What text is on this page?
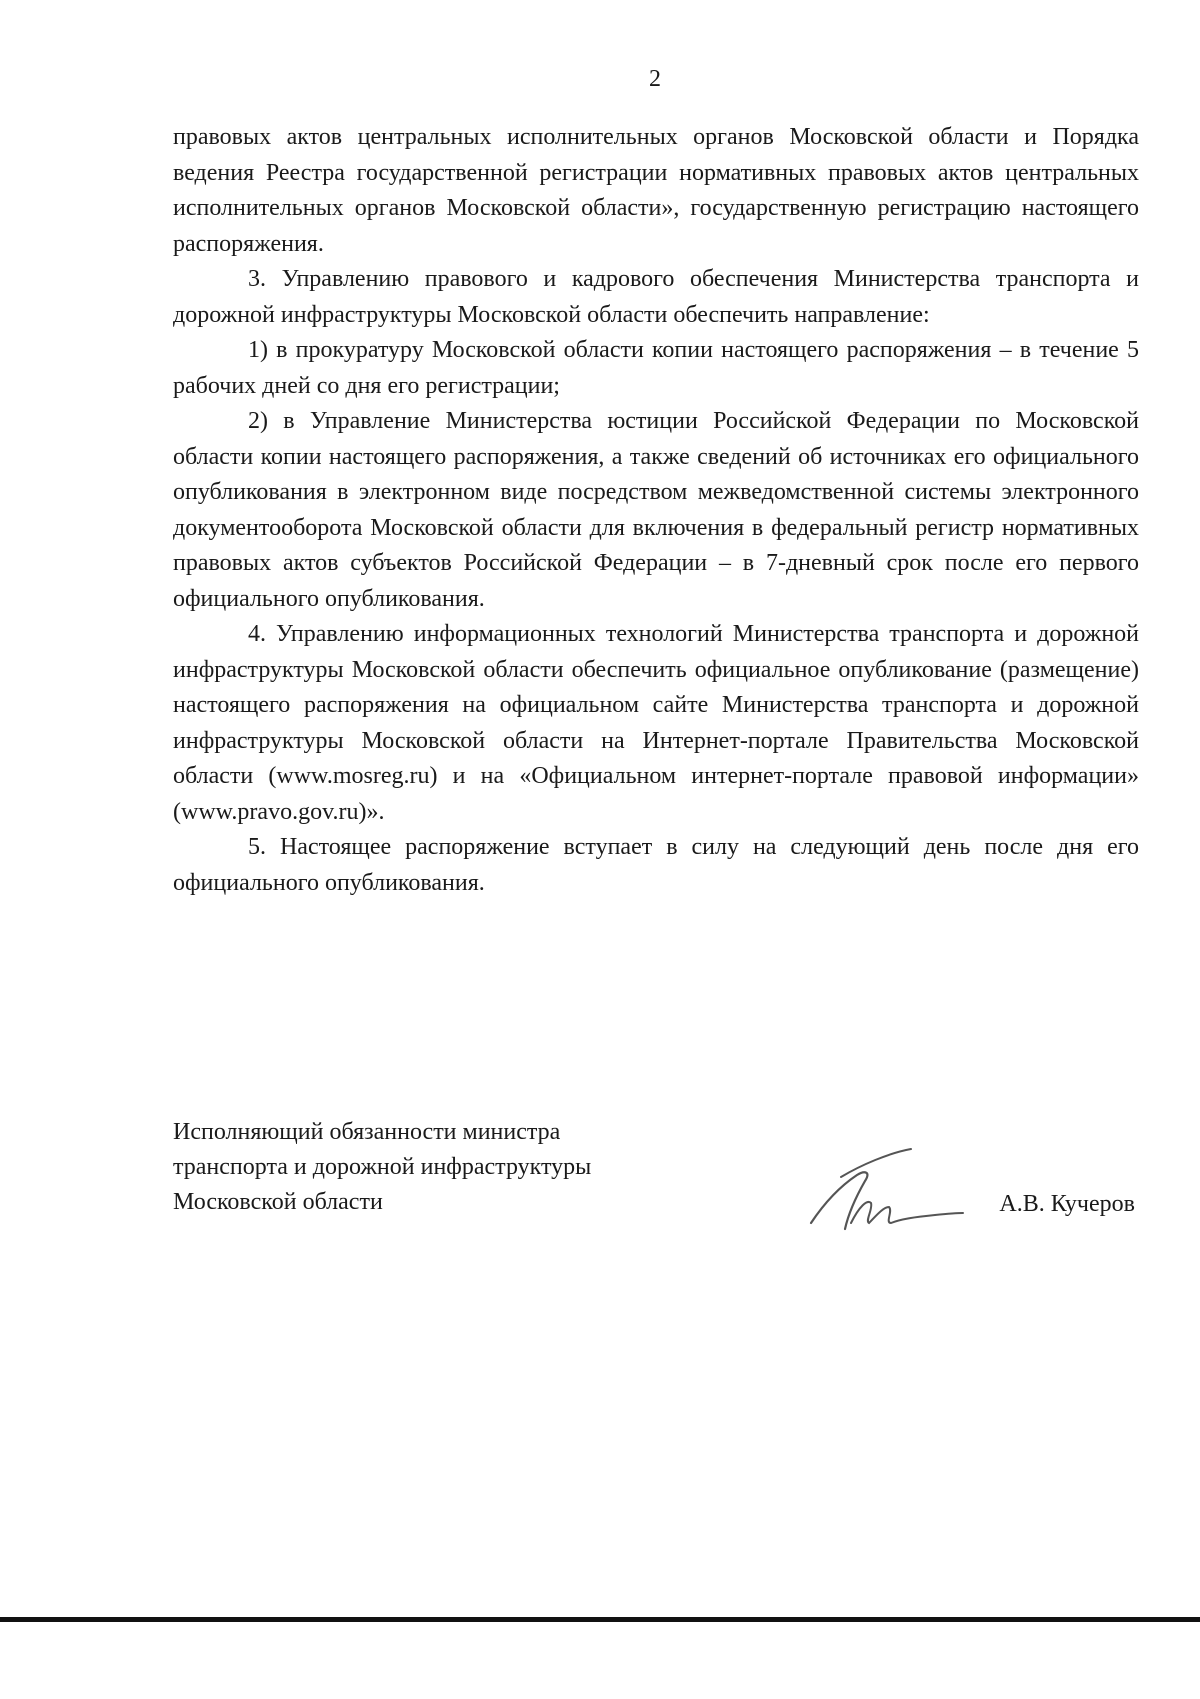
2

правовых актов центральных исполнительных органов Московской области и Порядка ведения Реестра государственной регистрации нормативных правовых актов центральных исполнительных органов Московской области», государственную регистрацию настоящего распоряжения.

3. Управлению правового и кадрового обеспечения Министерства транспорта и дорожной инфраструктуры Московской области обеспечить направление:

1) в прокуратуру Московской области копии настоящего распоряжения – в течение 5 рабочих дней со дня его регистрации;

2) в Управление Министерства юстиции Российской Федерации по Московской области копии настоящего распоряжения, а также сведений об источниках его официального опубликования в электронном виде посредством межведомственной системы электронного документооборота Московской области для включения в федеральный регистр нормативных правовых актов субъектов Российской Федерации – в 7-дневный срок после его первого официального опубликования.

4. Управлению информационных технологий Министерства транспорта и дорожной инфраструктуры Московской области обеспечить официальное опубликование (размещение) настоящего распоряжения на официальном сайте Министерства транспорта и дорожной инфраструктуры Московской области на Интернет-портале Правительства Московской области (www.mosreg.ru) и на «Официальном интернет-портале правовой информации» (www.pravo.gov.ru)».

5. Настоящее распоряжение вступает в силу на следующий день после дня его официального опубликования.

Исполняющий обязанности министра
транспорта и дорожной инфраструктуры
Московской области	А.В. Кучеров
